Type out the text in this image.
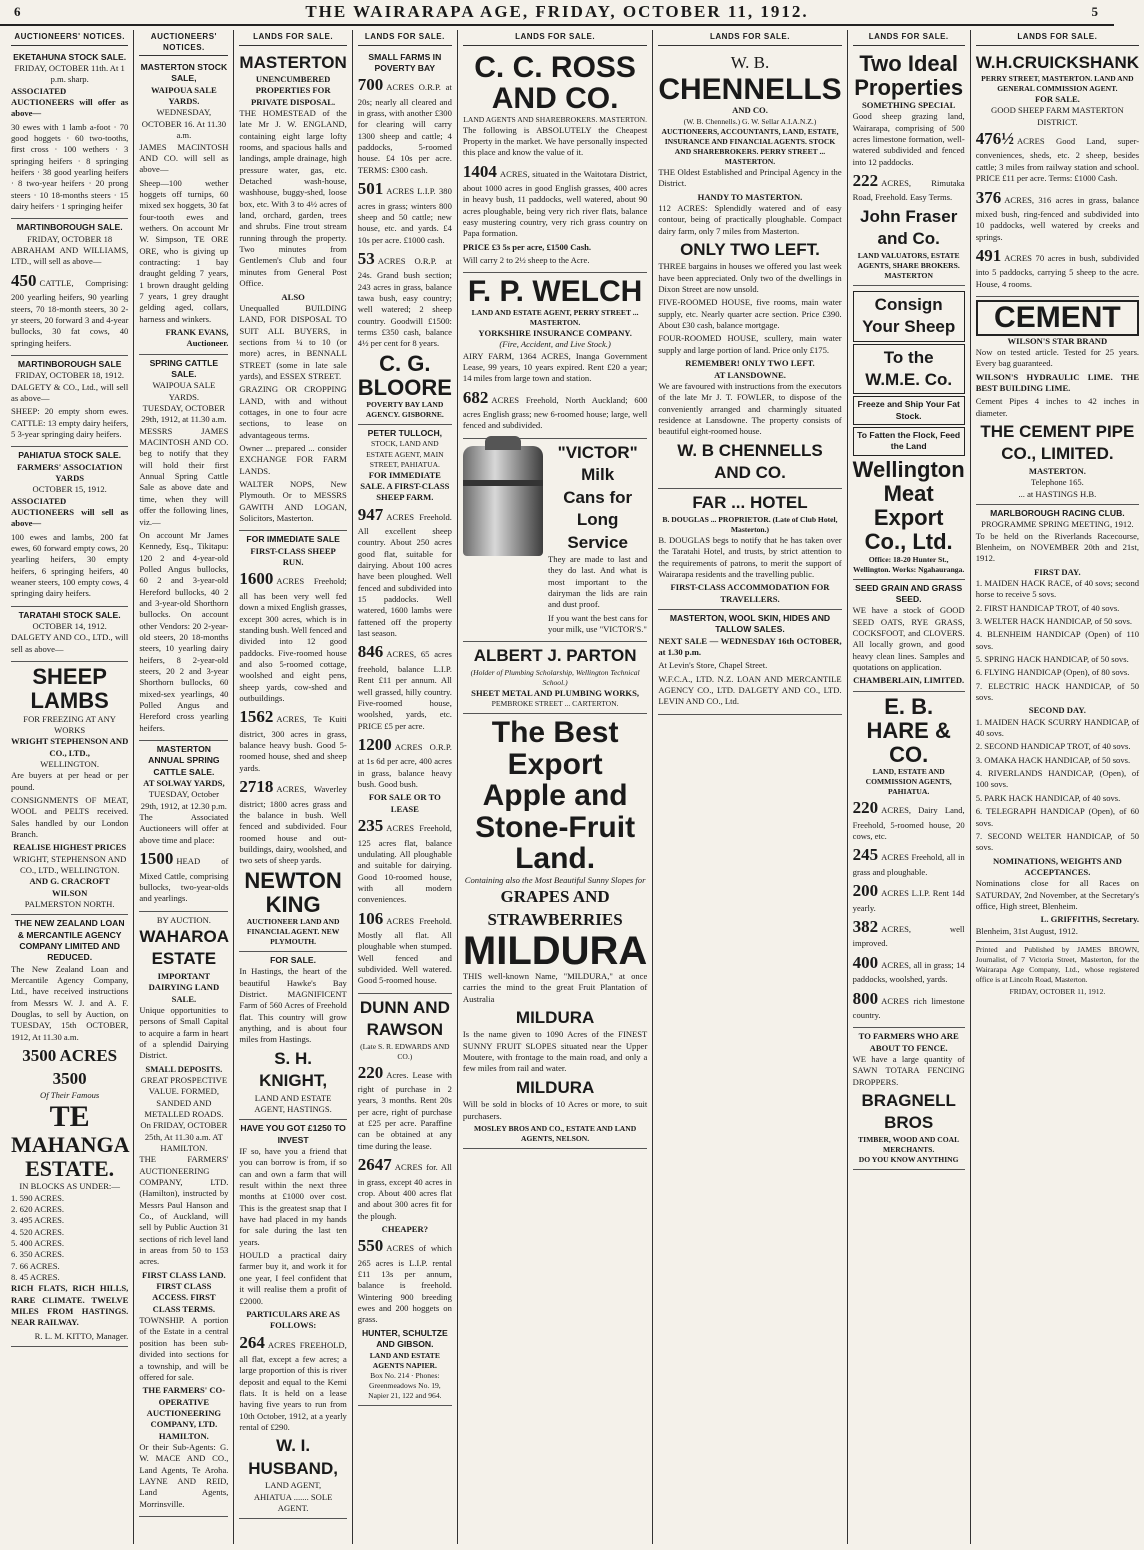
6	THE WAIRARAPA AGE, FRIDAY, OCTOBER 11, 1912.	5
AUCTIONEERS' NOTICES.
EKETAHUNA STOCK SALE.
FRIDAY, OCTOBER 11th. At 1 p.m. sharp.

ASSOCIATED AUCTIONEERS will offer as above—

30 ewes with 1 lamb a-foot · 70 good hoggets · 60 two-tooths, first cross · 100 wethers · 3 springing heifers · 8 springing heifers · 38 good yearling heifers · 8 two-year heifers · 20 prong steers · 10 18-months steers · 15 dairy heifers · 1 springing heifer

MARTINBOROUGH SALE.
FRIDAY, OCTOBER 18

ABRAHAM AND WILLIAMS, LTD., will sell as above—

450 CATTLE, Comprising: 200 yearling heifers, 90 yearling steers, 70 18-month steers, 30 2-yr steers, 20 forward 3 and 4-year bullocks, 30 fat cows, 40 springing heifers.

MARTINBOROUGH SALE
FRIDAY, OCTOBER 18, 1912.

DALGETY & CO., Ltd., will sell as above—

SHEEP: 20 empty shorn ewes. CATTLE: 13 empty dairy heifers, 5 3-year springing dairy heifers.

PAHIATUA STOCK SALE.
FARMERS' ASSOCIATION YARDS
OCTOBER 15, 1912.

ASSOCIATED AUCTIONEERS will sell as above—

100 ewes and lambs, 200 fat ewes, 60 forward empty cows, 20 yearling heifers, 30 empty heifers, 6 springing heifers, 40 weaner steers, 100 empty cows, 4 springing dairy heifers.

TARATAHI STOCK SALE.
OCTOBER 14, 1912.

DALGETY AND CO., LTD., will sell as above—

SHEEP LAMBS
FOR FREEZING AT ANY WORKS
WRIGHT STEPHENSON AND CO., LTD.,
WELLINGTON.

Are buyers at per head or per pound.

CONSIGNMENTS OF MEAT, WOOL and PELTS received. Sales handled by our London Branch.

REALISE HIGHEST PRICES
WRIGHT, STEPHENSON AND CO., LTD., WELLINGTON.
AND G. CRACROFT WILSON
PALMERSTON NORTH.
THE NEW ZEALAND LOAN & MERCANTILE AGENCY COMPANY LIMITED AND REDUCED.

The New Zealand Loan and Mercantile Agency Company, Ltd., have received instructions from Messrs W. J. and A. F. Douglas, to sell by Auction, on TUESDAY, 15th OCTOBER, 1912, At 11.30 a.m.

3500 ACRES 3500
Of Their Famous
TE
MAHANGA ESTATE.
IN BLOCKS AS UNDER:—
1. 590 ACRES.
2. 620 ACRES.
3. 495 ACRES.
4. 520 ACRES.
5. 400 ACRES.
6. 350 ACRES.
7. 66 ACRES.
8. 45 ACRES.

RICH FLATS, RICH HILLS, RARE CLIMATE. TWELVE MILES FROM HASTINGS. NEAR RAILWAY.

R. L. M. KITTO, Manager.
AUCTIONEERS' NOTICES.
MASTERTON STOCK SALE,
WAIPOUA SALE YARDS.
WEDNESDAY, OCTOBER 16. At 11.30 a.m.

JAMES MACINTOSH AND CO. will sell as above—

Sheep—100 wether hoggets off turnips, 60 mixed sex hoggets, 30 fat four-tooth ewes and wethers. On account Mr W. Simpson, TE ORE ORE, who is giving up contracting: 1 bay draught gelding 7 years, 1 brown draught gelding 7 years, 1 grey draught gelding aged, collars, harness and winkers.

FRANK EVANS, Auctioneer.
SPRING CATTLE SALE.
WAIPOUA SALE YARDS.
TUESDAY, OCTOBER 29th, 1912, at 11.30 a.m.

MESSRS JAMES MACINTOSH AND CO. beg to notify that they will hold their first Annual Spring Cattle Sale as above date and time, when they will offer the following lines, viz.—

On account Mr James Kennedy, Esq., Tikitapu: 120 2 and 4-year-old Polled Angus bullocks, 60 2 and 3-year-old Hereford bullocks, 40 2 and 3-year-old Shorthorn bullocks. On account other Vendors: 20 2-year-old steers, 20 18-months steers, 10 yearling dairy heifers, 8 2-year-old steers, 20 2 and 3-year Shorthorn bullocks, 60 mixed-sex yearlings, 40 Polled Angus and Hereford cross yearling heifers.

MASTERTON ANNUAL SPRING CATTLE SALE.
AT SOLWAY YARDS,
TUESDAY, October 29th, 1912, at 12.30 p.m.

The Associated Auctioneers will offer at above time and place:

1500 HEAD of Mixed Cattle, comprising bullocks, two-year-olds and yearlings.

BY AUCTION.
WAHAROA ESTATE
IMPORTANT DAIRYING LAND SALE.

Unique opportunities to persons of Small Capital to acquire a farm in heart of a splendid Dairying District.

SMALL DEPOSITS.
GREAT PROSPECTIVE VALUE. FORMED, SANDED AND METALLED ROADS.
On FRIDAY, OCTOBER 25th, At 11.30 a.m. AT HAMILTON.

THE FARMERS' AUCTIONEERING COMPANY, LTD. (Hamilton), instructed by Messrs Paul Hanson and Co., of Auckland, will sell by Public Auction 31 sections of rich level land in areas from 50 to 153 acres.

FIRST CLASS LAND. FIRST CLASS ACCESS. FIRST CLASS TERMS.

TOWNSHIP. A portion of the Estate in a central position has been sub-divided into sections for a township, and will be offered for sale.

THE FARMERS' CO-OPERATIVE AUCTIONEERING COMPANY, LTD. HAMILTON.

Or their Sub-Agents: G. W. MACE AND CO., Land Agents, Te Aroha. LAYNE AND REID, Land Agents, Morrinsville.

LANDS FOR SALE.
MASTERTON
UNENCUMBERED PROPERTIES FOR PRIVATE DISPOSAL.

THE HOMESTEAD of the late Mr J. W. ENGLAND, containing eight large lofty rooms, and spacious halls and landings, ample drainage, high pressure water, gas, etc. Detached wash-house, washhouse, buggy-shed, loose box, etc. With 3 to 4½ acres of land, orchard, garden, trees and shrubs. Fine trout stream running through the property. Two minutes from Gentlemen's Club and four minutes from General Post Office.

ALSO

Unequalled BUILDING LAND, FOR DISPOSAL TO SUIT ALL BUYERS, in sections from ¼ to 10 (or more) acres, in BENNALL STREET (some in late sale yards), and ESSEX STREET.

GRAZING OR CROPPING LAND, with and without cottages, in one to four acre sections, to lease on advantageous terms.

Owner ... prepared ... consider EXCHANGE FOR FARM LANDS.

WALTER NOPS, New Plymouth. Or to MESSRS GAWITH AND LOGAN, Solicitors, Masterton.

FOR IMMEDIATE SALE
FIRST-CLASS SHEEP RUN.

1600 ACRES Freehold; all has been very well fed down a mixed English grasses, except 300 acres, which is in standing bush. Well fenced and divided into 12 good paddocks. Five-roomed house and also 5-roomed cottage, woolshed and eight pens, sheep yards, cow-shed and outbuildings.

1562 ACRES, Te Kuiti district, 300 acres in grass, balance heavy bush. Good 5-roomed house, shed and sheep yards.

2718 ACRES, Waverley district; 1800 acres grass and the balance in bush. Well fenced and subdivided. Four roomed house and out-buildings, dairy, woolshed, and two sets of sheep yards.

NEWTON KING
AUCTIONEER LAND AND FINANCIAL AGENT. NEW PLYMOUTH.
FOR SALE.

In Hastings, the heart of the beautiful Hawke's Bay District. MAGNIFICENT Farm of 560 Acres of Freehold flat. This country will grow anything, and is about four miles from Hastings.

S. H. KNIGHT,
LAND AND ESTATE AGENT, HASTINGS.
HAVE YOU GOT £1250 TO INVEST

IF so, have you a friend that you can borrow is from, if so can and own a farm that will result within the next three months at £1000 over cost. This is the greatest snap that I have had placed in my hands for sale during the last ten years.

HOULD a practical dairy farmer buy it, and work it for one year, I feel confident that it will realise them a profit of £2000.

PARTICULARS ARE AS FOLLOWS:

264 ACRES FREEHOLD, all flat, except a few acres; a large proportion of this is river deposit and equal to the Kemi flats. It is held on a lease having five years to run from 10th October, 1912, at a yearly rental of £290.

W. I. HUSBAND,
LAND AGENT,
AHIATUA ....... SOLE AGENT.
LANDS FOR SALE.
SMALL FARMS IN POVERTY BAY

700 ACRES O.R.P. at 20s; nearly all cleared and in grass, with another £300 for clearing will carry 1300 sheep and cattle; 4 paddocks, 5-roomed house. £4 10s per acre. TERMS: £300 cash.

501 ACRES L.I.P. 380 acres in grass; winters 800 sheep and 50 cattle; new house, etc. and yards. £4 10s per acre. £1000 cash.

53 ACRES O.R.P. at 24s. Grand bush section; 243 acres in grass, balance tawa bush, easy country; well watered; 2 sheep country. Goodwill £1500: terms £350 cash, balance 4½ per cent for 8 years.

C. G. BLOORE
POVERTY BAY LAND AGENCY. GISBORNE.
PETER TULLOCH,
STOCK, LAND AND ESTATE AGENT, MAIN STREET, PAHIATUA.
FOR IMMEDIATE SALE. A FIRST-CLASS SHEEP FARM.

947 ACRES Freehold. All excellent sheep country. About 250 acres good flat, suitable for dairying. About 100 acres have been ploughed. Well fenced and subdivided into 15 paddocks. Well watered, 1600 lambs were fattened off the property last season.

846 ACRES, 65 acres freehold, balance L.I.P. Rent £11 per annum. All well grassed, hilly country. Five-roomed house, woolshed, yards, etc. PRICE £5 per acre.

1200 ACRES O.R.P. at 1s 6d per acre, 400 acres in grass, balance heavy bush. Good bush.

FOR SALE OR TO LEASE

235 ACRES Freehold, 125 acres flat, balance undulating. All ploughable and suitable for dairying. Good 10-roomed house, with all modern conveniences.

106 ACRES Freehold. Mostly all flat. All ploughable when stumped. Well fenced and subdivided. Well watered. Good 5-roomed house.

DUNN AND RAWSON
(Late S. R. EDWARDS AND CO.)

220 Acres. Lease with right of purchase in 2 years, 3 months. Rent 20s per acre, right of purchase at £25 per acre. Paraffine can be obtained at any time during the lease.

2647 ACRES for. All in grass, except 40 acres in crop. About 400 acres flat and about 300 acres fit for the plough.

CHEAPER?

550 ACRES of which 265 acres is L.I.P. rental £11 13s per annum, balance is freehold. Wintering 900 breeding ewes and 200 hoggets on grass.

HUNTER, SCHULTZE AND GIBSON.
LAND AND ESTATE AGENTS NAPIER.
Box No. 214 · Phones: Greenmeadows No. 19, Napier 21, 122 and 964.
LANDS FOR SALE.
C. C. ROSS AND CO.
LAND AGENTS AND SHAREBROKERS. MASTERTON.

The following is ABSOLUTELY the Cheapest Property in the market. We have personally inspected this place and know the value of it.

1404 ACRES, situated in the Waitotara District, about 1000 acres in good English grasses, 400 acres in heavy bush, 11 paddocks, well watered, about 90 acres ploughable, being very rich river flats, balance easy mustering country, very rich grass country on Papa formation.

PRICE £3 5s per acre, £1500 Cash.

Will carry 2 to 2½ sheep to the Acre.

F. P. WELCH
LAND AND ESTATE AGENT, PERRY STREET ... MASTERTON.
YORKSHIRE INSURANCE COMPANY.
(Fire, Accident, and Live Stock.)

AIRY FARM, 1364 ACRES, Inanga Government Lease, 99 years, 10 years expired. Rent £20 a year; 14 miles from large town and station.

682 ACRES Freehold, North Auckland; 600 acres English grass; new 6-roomed house; large, well fenced and subdivided.

"VICTOR" Milk
Cans for Long
Service

They are made to last and they do last. And what is most important to the dairyman the lids are rain and dust proof.

If you want the best cans for your milk, use "VICTOR'S."

ALBERT J. PARTON
(Holder of Plumbing Scholarship, Wellington Technical School.)
SHEET METAL AND PLUMBING WORKS,
PEMBROKE STREET ... CARTERTON.
The Best Export Apple and Stone-Fruit Land.
Containing also the Most Beautiful Sunny Slopes for
GRAPES AND STRAWBERRIES
MILDURA

THIS well-known Name, "MILDURA," at once carries the mind to the great Fruit Plantation of Australia

MILDURA

Is the name given to 1090 Acres of the FINEST SUNNY FRUIT SLOPES situated near the Upper Moutere, with frontage to the main road, and only a few miles from rail and water.

MILDURA

Will be sold in blocks of 10 Acres or more, to suit purchasers.

MOSLEY BROS AND CO., ESTATE AND LAND AGENTS, NELSON.
LANDS FOR SALE.
W. B.
CHENNELLS
AND CO.
(W. B. Chennells.) G. W. Sellar A.I.A.N.Z.)
AUCTIONEERS, ACCOUNTANTS, LAND, ESTATE, INSURANCE AND FINANCIAL AGENTS. STOCK AND SHAREBROKERS. PERRY STREET ... MASTERTON.

THE Oldest Established and Principal Agency in the District.

HANDY TO MASTERTON.

112 ACRES: Splendidly watered and of easy contour, being of practically ploughable. Compact dairy farm, only 7 miles from Masterton.

ONLY TWO LEFT.

THREE bargains in houses we offered you last week have been appreciated. Only two of the dwellings in Dixon Street are now unsold.

FIVE-ROOMED HOUSE, five rooms, main water supply, etc. Nearly quarter acre section. Price £390. About £30 cash, balance mortgage.

FOUR-ROOMED HOUSE, scullery, main water supply and large portion of land. Price only £175.

REMEMBER! ONLY TWO LEFT.
AT LANSDOWNE.

We are favoured with instructions from the executors of the late Mr J. T. FOWLER, to dispose of the conveniently arranged and charmingly situated residence at Lansdowne. The property consists of beautiful eight-roomed house.

W. B CHENNELLS AND CO.
FAR ... HOTEL
B. DOUGLAS ... PROPRIETOR. (Late of Club Hotel, Masterton.)

B. DOUGLAS begs to notify that he has taken over the Taratahi Hotel, and trusts, by strict attention to the requirements of patrons, to merit the support of Wairarapa residents and the travelling public.

FIRST-CLASS ACCOMMODATION FOR TRAVELLERS.
MASTERTON, WOOL SKIN, HIDES AND TALLOW SALES.

NEXT SALE — WEDNESDAY 16th OCTOBER, at 1.30 p.m.

At Levin's Store, Chapel Street.

W.F.C.A., LTD. N.Z. LOAN AND MERCANTILE AGENCY CO., LTD. DALGETY AND CO., LTD. LEVIN AND CO., Ltd.

LANDS FOR SALE.
Two Ideal Properties
SOMETHING SPECIAL

Good sheep grazing land, Wairarapa, comprising of 500 acres limestone formation, well-watered subdivided and fenced into 12 paddocks.

222 ACRES, Rimutaka Road, Freehold. Easy Terms.

John Fraser and Co.
LAND VALUATORS, ESTATE AGENTS, SHARE BROKERS. MASTERTON
Consign Your Sheep
To the W.M.E. Co.
Freeze and Ship Your Fat Stock.
To Fatten the Flock, Feed the Land
Wellington Meat Export Co., Ltd.
Office: 18-20 Hunter St., Wellington. Works: Ngahauranga.
SEED GRAIN AND GRASS SEED.

WE have a stock of GOOD SEED OATS, RYE GRASS, COCKSFOOT, and CLOVERS. All locally grown, and good heavy clean lines. Samples and quotations on application.

CHAMBERLAIN, LIMITED.
E. B. HARE & CO.
LAND, ESTATE AND COMMISSION AGENTS, PAHIATUA.

220 ACRES, Dairy Land, Freehold, 5-roomed house, 20 cows, etc.

245 ACRES Freehold, all in grass and ploughable.

200 ACRES L.I.P. Rent 14d yearly.

382 ACRES, well improved.

400 ACRES, all in grass; 14 paddocks, woolshed, yards.

800 ACRES rich limestone country.

TO FARMERS WHO ARE ABOUT TO FENCE.

WE have a large quantity of SAWN TOTARA FENCING DROPPERS.

BRAGNELL BROS
TIMBER, WOOD AND COAL MERCHANTS.
DO YOU KNOW ANYTHING
LANDS FOR SALE.
W.H.CRUICKSHANK
PERRY STREET, MASTERTON. LAND AND GENERAL COMMISSION AGENT.
FOR SALE.
GOOD SHEEP FARM MASTERTON DISTRICT.

476½ ACRES Good Land, super-conveniences, sheds, etc. 2 sheep, besides cattle; 3 miles from railway station and school. PRICE £11 per acre. Terms: £1000 Cash.

376 ACRES, 316 acres in grass, balance mixed bush, ring-fenced and subdivided into 10 paddocks, well watered by creeks and springs.

491 ACRES 70 acres in bush, subdivided into 5 paddocks, carrying 5 sheep to the acre. House, 4 rooms.

CEMENT
WILSON'S STAR BRAND

Now on tested article. Tested for 25 years. Every bag guaranteed.

WILSON'S HYDRAULIC LIME. THE BEST BUILDING LIME.

Cement Pipes 4 inches to 42 inches in diameter.

THE CEMENT PIPE CO., LIMITED.
MASTERTON.
Telephone 165.
... at HASTINGS H.B.
MARLBOROUGH RACING CLUB.
PROGRAMME SPRING MEETING, 1912.

To be held on the Riverlands Racecourse, Blenheim, on NOVEMBER 20th and 21st, 1912.

FIRST DAY.

1. MAIDEN HACK RACE, of 40 sovs; second horse to receive 5 sovs.

2. FIRST HANDICAP TROT, of 40 sovs.

3. WELTER HACK HANDICAP, of 50 sovs.

4. BLENHEIM HANDICAP (Open) of 110 sovs.

5. SPRING HACK HANDICAP, of 50 sovs.

6. FLYING HANDICAP (Open), of 80 sovs.

7. ELECTRIC HACK HANDICAP, of 50 sovs.

SECOND DAY.

1. MAIDEN HACK SCURRY HANDICAP, of 40 sovs.

2. SECOND HANDICAP TROT, of 40 sovs.

3. OMAKA HACK HANDICAP, of 50 sovs.

4. RIVERLANDS HANDICAP, (Open), of 100 sovs.

5. PARK HACK HANDICAP, of 40 sovs.

6. TELEGRAPH HANDICAP (Open), of 60 sovs.

7. SECOND WELTER HANDICAP, of 50 sovs.

NOMINATIONS, WEIGHTS AND ACCEPTANCES.

Nominations close for all Races on SATURDAY, 2nd November, at the Secretary's office, High street, Blenheim.

L. GRIFFITHS, Secretary.
Blenheim, 31st August, 1912.

Printed and Published by JAMES BROWN, Journalist, of 7 Victoria Street, Masterton, for the Wairarapa Age Company, Ltd., whose registered office is at Lincoln Road, Masterton.

FRIDAY, OCTOBER 11, 1912.
